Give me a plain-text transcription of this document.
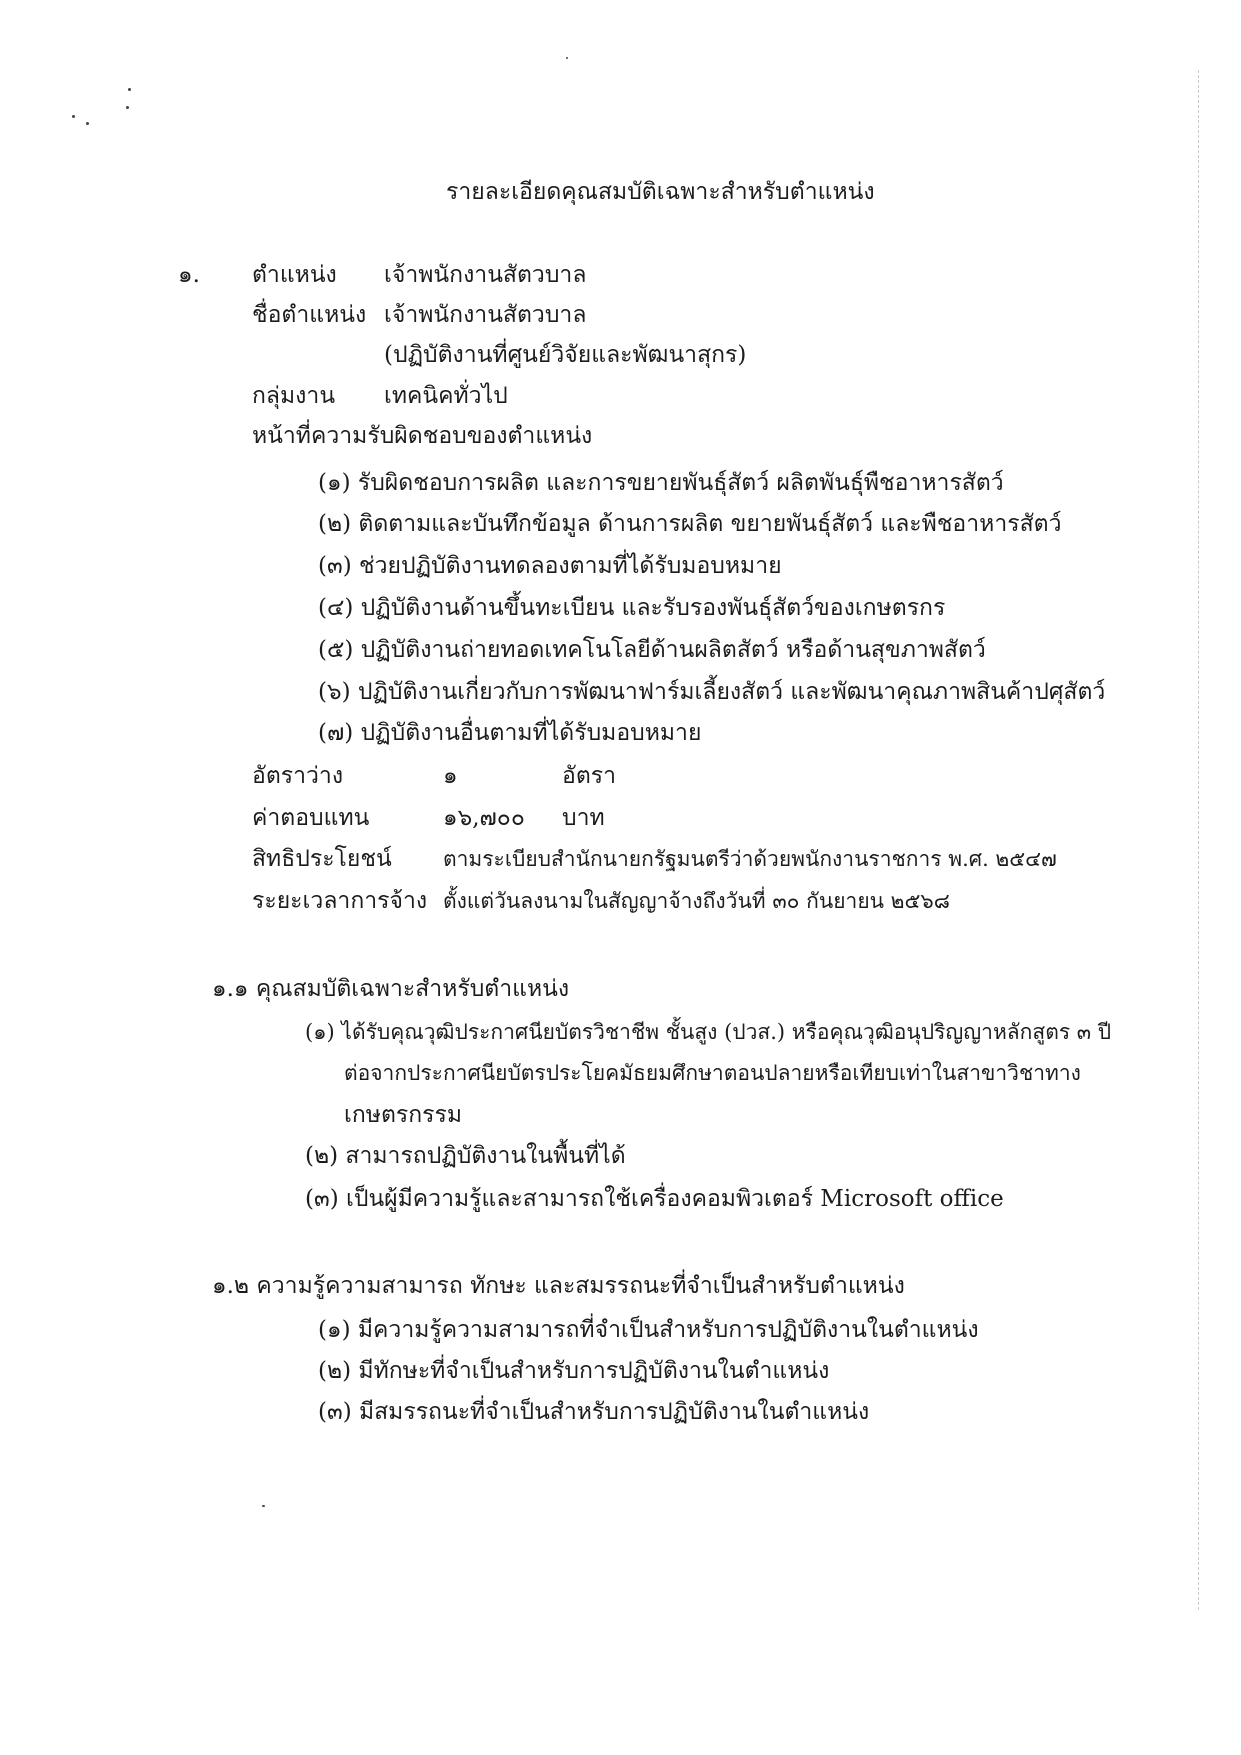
รายละเอียดคุณสมบัติเฉพาะสำหรับตำแหน่ง
๑. ตำแหน่ง เจ้าพนักงานสัตวบาล
ชื่อตำแหน่ง เจ้าพนักงานสัตวบาล
(ปฏิบัติงานที่ศูนย์วิจัยและพัฒนาสุกร)
กลุ่มงาน เทคนิคทั่วไป
หน้าที่ความรับผิดชอบของตำแหน่ง
(๑) รับผิดชอบการผลิต และการขยายพันธุ์สัตว์ ผลิตพันธุ์พืชอาหารสัตว์
(๒) ติดตามและบันทึกข้อมูล ด้านการผลิต ขยายพันธุ์สัตว์ และพืชอาหารสัตว์
(๓) ช่วยปฏิบัติงานทดลองตามที่ได้รับมอบหมาย
(๔) ปฏิบัติงานด้านขึ้นทะเบียน และรับรองพันธุ์สัตว์ของเกษตรกร
(๕) ปฏิบัติงานถ่ายทอดเทคโนโลยีด้านผลิตสัตว์ หรือด้านสุขภาพสัตว์
(๖) ปฏิบัติงานเกี่ยวกับการพัฒนาฟาร์มเลี้ยงสัตว์ และพัฒนาคุณภาพสินค้าปศุสัตว์
(๗) ปฏิบัติงานอื่นตามที่ได้รับมอบหมาย
อัตราว่าง	๑	อัตรา
ค่าตอบแทน	๑๖,๗๐๐ บาท
สิทธิประโยชน์ ตามระเบียบสำนักนายกรัฐมนตรีว่าด้วยพนักงานราชการ พ.ศ. ๒๕๔๗
ระยะเวลาการจ้าง ตั้งแต่วันลงนามในสัญญาจ้างถึงวันที่ ๓๐ กันยายน ๒๕๖๘
๑.๑ คุณสมบัติเฉพาะสำหรับตำแหน่ง
(๑) ได้รับคุณวุฒิประกาศนียบัตรวิชาชีพ ชั้นสูง (ปวส.) หรือคุณวุฒิอนุปริญญาหลักสูตร ๓ ปี
ต่อจากประกาศนียบัตรประโยคมัธยมศึกษาตอนปลายหรือเทียบเท่าในสาขาวิชาทาง
เกษตรกรรม
(๒) สามารถปฏิบัติงานในพื้นที่ได้
(๓) เป็นผู้มีความรู้และสามารถใช้เครื่องคอมพิวเตอร์ Microsoft office
๑.๒ ความรู้ความสามารถ ทักษะ และสมรรถนะที่จำเป็นสำหรับตำแหน่ง
(๑) มีความรู้ความสามารถที่จำเป็นสำหรับการปฏิบัติงานในตำแหน่ง
(๒) มีทักษะที่จำเป็นสำหรับการปฏิบัติงานในตำแหน่ง
(๓) มีสมรรถนะที่จำเป็นสำหรับการปฏิบัติงานในตำแหน่ง
